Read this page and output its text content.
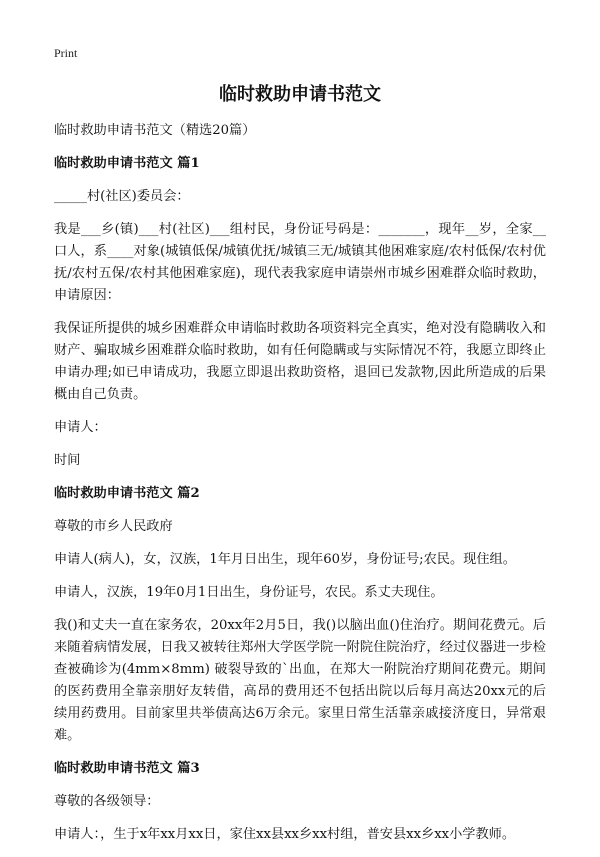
Print
临时救助申请书范文

临时救助申请书范文（精选20篇）

临时救助申请书范文 篇1

_____村(社区)委员会：

我是___乡(镇)___村(社区)___组村民，身份证号码是：_______，现年__岁，全家__口人，系____对象(城镇低保/城镇优抚/城镇三无/城镇其他困难家庭/农村低保/农村优抚/农村五保/农村其他困难家庭)，现代表我家庭申请崇州市城乡困难群众临时救助，申请原因：

我保证所提供的城乡困难群众申请临时救助各项资料完全真实，绝对没有隐瞒收入和财产、骗取城乡困难群众临时救助，如有任何隐瞒或与实际情况不符，我愿立即终止申请办理;如已申请成功，我愿立即退出救助资格，退回已发款物,因此所造成的后果概由自己负责。

申请人：

时间

临时救助申请书范文 篇2

尊敬的市乡人民政府

申请人(病人)，女，汉族，1年月日出生，现年60岁，身份证号;农民。现住组。

申请人，汉族，19年0月1日出生，身份证号，农民。系丈夫现住。

我()和丈夫一直在家务农，20xx年2月5日，我()以脑出血()住治疗。期间花费元。后来随着病情发展，日我又被转往郑州大学医学院一附院住院治疗，经过仪器进一步检查被确诊为(4mm×8mm) 破裂导致的`出血，在郑大一附院治疗期间花费元。期间的医药费用全靠亲朋好友转借，高昂的费用还不包括出院以后每月高达20xx元的后续用药费用。目前家里共举债高达6万余元。家里日常生活靠亲戚接济度日，异常艰难。

临时救助申请书范文 篇3

尊敬的各级领导：

申请人：，生于x年xx月xx日，家住xx县xx乡xx村组，普安县xx乡xx小学教师。
